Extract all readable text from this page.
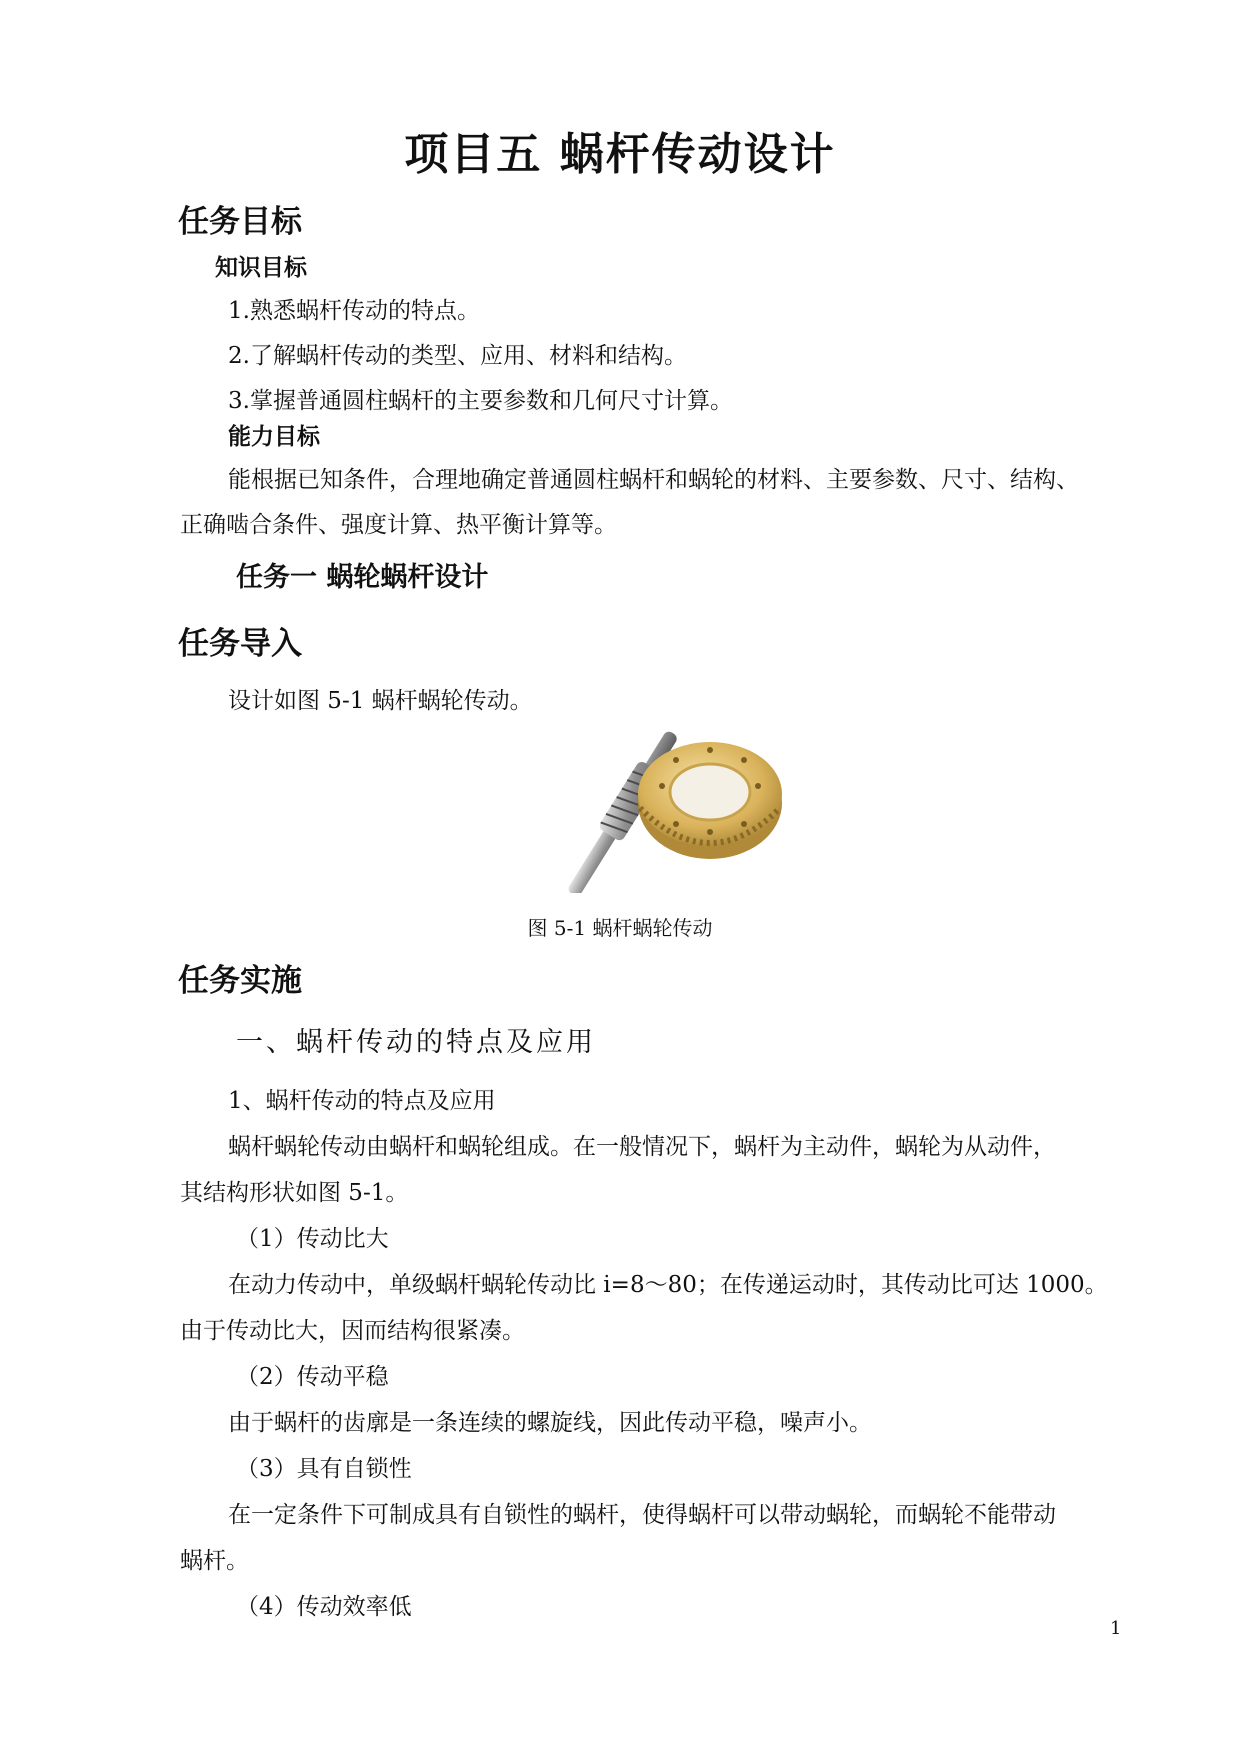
项目五 蜗杆传动设计
任务目标
知识目标
1.熟悉蜗杆传动的特点。
2.了解蜗杆传动的类型、应用、材料和结构。
3.掌握普通圆柱蜗杆的主要参数和几何尺寸计算。
能力目标
能根据已知条件，合理地确定普通圆柱蜗杆和蜗轮的材料、主要参数、尺寸、结构、
正确啮合条件、强度计算、热平衡计算等。
任务一 蜗轮蜗杆设计
任务导入
设计如图 5-1 蜗杆蜗轮传动。
图 5-1 蜗杆蜗轮传动
任务实施
一、蜗杆传动的特点及应用
1、蜗杆传动的特点及应用
蜗杆蜗轮传动由蜗杆和蜗轮组成。在一般情况下，蜗杆为主动件，蜗轮为从动件，
其结构形状如图 5-1。
（1）传动比大
在动力传动中，单级蜗杆蜗轮传动比 i=8～80；在传递运动时，其传动比可达 1000。
由于传动比大，因而结构很紧凑。
（2）传动平稳
由于蜗杆的齿廓是一条连续的螺旋线，因此传动平稳，噪声小。
（3）具有自锁性
在一定条件下可制成具有自锁性的蜗杆，使得蜗杆可以带动蜗轮，而蜗轮不能带动
蜗杆。
（4）传动效率低
1
